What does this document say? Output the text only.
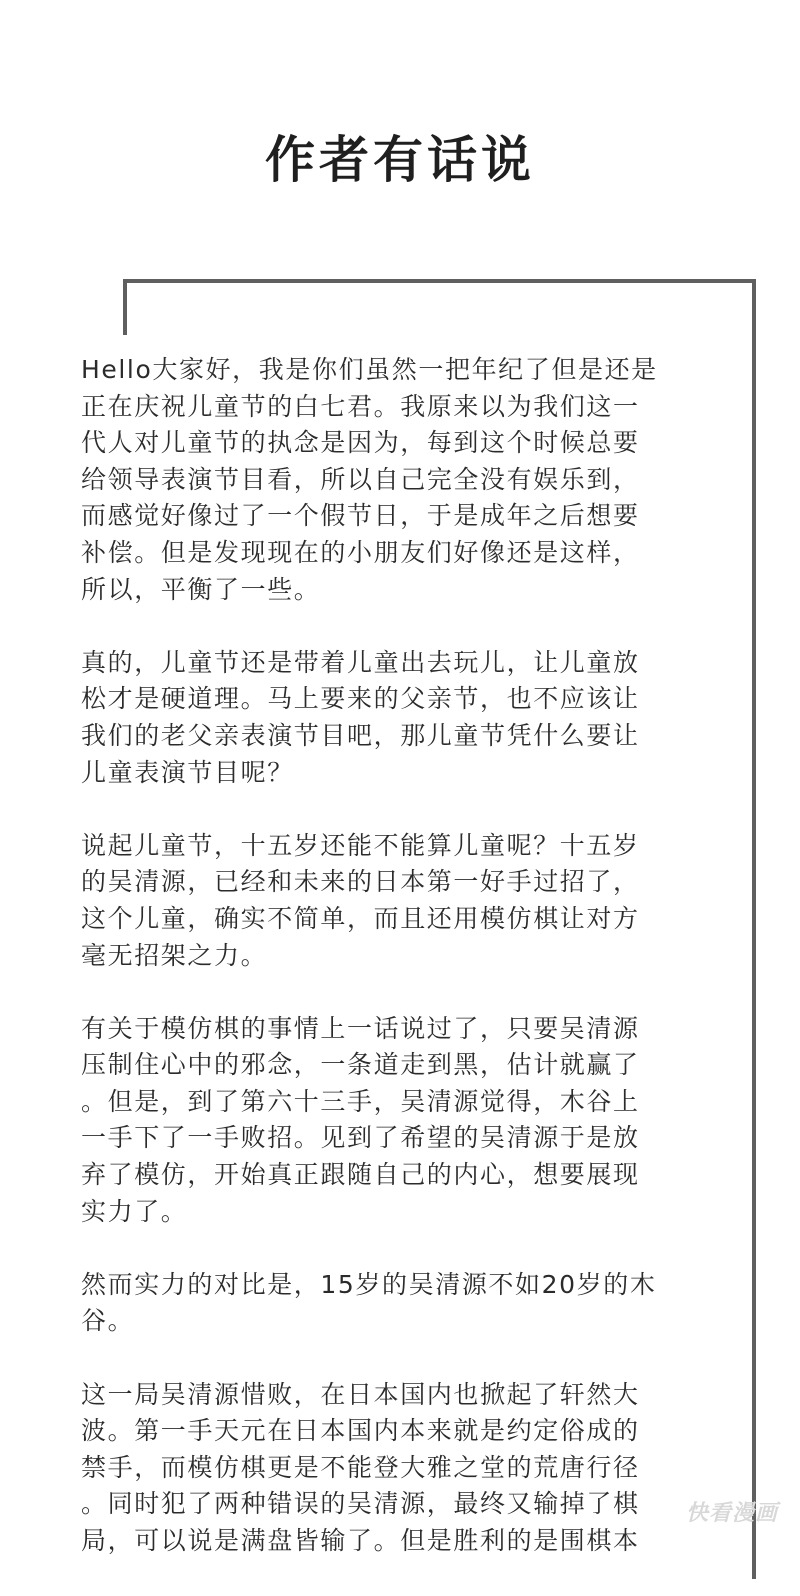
作者有话说

Hello大家好，我是你们虽然一把年纪了但是还是
正在庆祝儿童节的白七君。我原来以为我们这一
代人对儿童节的执念是因为，每到这个时候总要
给领导表演节目看，所以自己完全没有娱乐到，
而感觉好像过了一个假节日，于是成年之后想要
补偿。但是发现现在的小朋友们好像还是这样，
所以，平衡了一些。

真的，儿童节还是带着儿童出去玩儿，让儿童放
松才是硬道理。马上要来的父亲节，也不应该让
我们的老父亲表演节目吧，那儿童节凭什么要让
儿童表演节目呢？

说起儿童节，十五岁还能不能算儿童呢？十五岁
的吴清源，已经和未来的日本第一好手过招了，
这个儿童，确实不简单，而且还用模仿棋让对方
毫无招架之力。

有关于模仿棋的事情上一话说过了，只要吴清源
压制住心中的邪念，一条道走到黑，估计就赢了
。但是，到了第六十三手，吴清源觉得，木谷上
一手下了一手败招。见到了希望的吴清源于是放
弃了模仿，开始真正跟随自己的内心，想要展现
实力了。

然而实力的对比是，15岁的吴清源不如20岁的木
谷。

这一局吴清源惜败，在日本国内也掀起了轩然大
波。第一手天元在日本国内本来就是约定俗成的
禁手，而模仿棋更是不能登大雅之堂的荒唐行径
。同时犯了两种错误的吴清源，最终又输掉了棋
局，可以说是满盘皆输了。但是胜利的是围棋本

快看漫画
